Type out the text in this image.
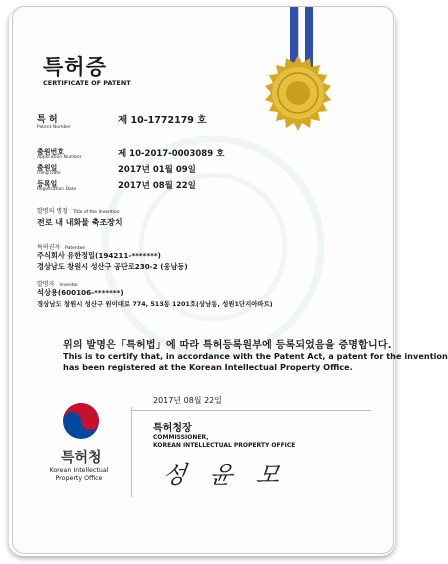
특허증
CERTIFICATE OF PATENT
특 허
Patent Number
제 10-1772179 호
출원번호
Application Number	제 10-2017-0003089 호
출원일
Filing Date	2017년 01월 09일
등록일
Registration Date	2017년 08월 22일
발명의 명칭 Title of the Invention
전로 내 내화물 축조장치
특허권자 Patentee
주식회사 유한정밀(194211-*******)
경상남도 창원시 성산구 공단로230-2 (웅남동)
발명자 Inventor
석상용(600106-*******)
경상남도 창원시 성산구 원이대로 774, 513동 1201호(상남동, 성원1단지아파트)
위의 발명은「특허법」에 따라 특허등록원부에 등록되었음을 증명합니다.
This is to certify that, in accordance with the Patent Act, a patent for the invention
has been registered at the Korean Intellectual Property Office.
2017년 08월 22일
특허청장
COMMISSIONER,
KOREAN INTELLECTUAL PROPERTY OFFICE
성 윤 모
특허청
Korean Intellectual
Property Office
